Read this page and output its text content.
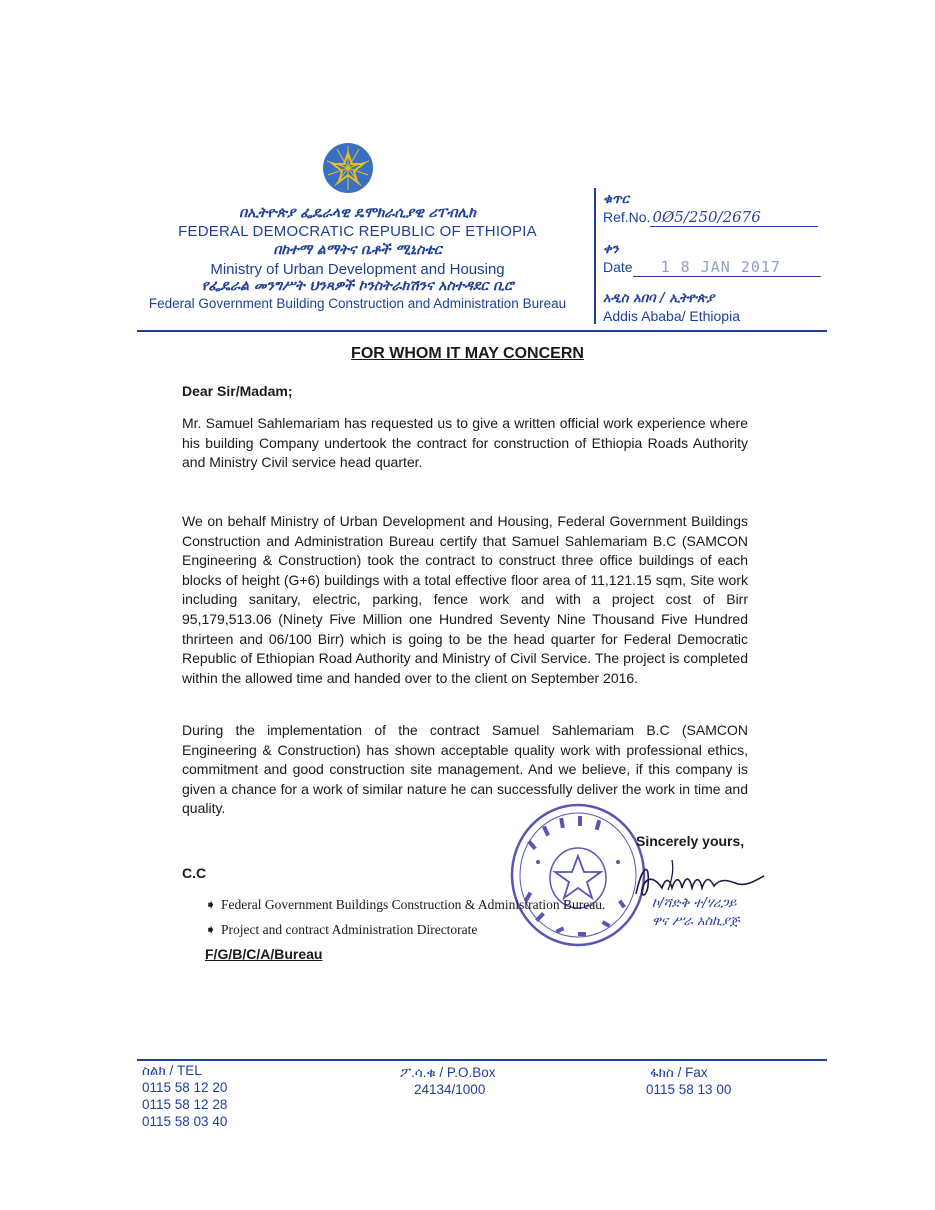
በኢትዮጵያ ፌዴራላዊ ዴሞክራሲያዊ ሪፐብሊክ
FEDERAL DEMOCRATIC REPUBLIC OF ETHIOPIA
በከተማ ልማትና ቤቶች ሚኒስቴር
Ministry of Urban Development and Housing
የፌዴራል መንግሥት ህንጻዎች ኮንስትራክሽንና አስተዳደር ቢሮ
Federal Government Building Construction and Administration Bureau
ቁጥር
Ref.No. 0Ø5/250/2676
ቀን
Date 1 8 JAN 2017
አዲስ አበባ / ኢትዮጵያ
Addis Ababa/ Ethiopia
FOR WHOM IT MAY CONCERN
Dear Sir/Madam;
Mr. Samuel Sahlemariam has requested us to give a written official work experience where his building Company undertook the contract for construction of Ethiopia Roads Authority and Ministry Civil service head quarter.
We on behalf Ministry of Urban Development and Housing, Federal Government Buildings Construction and Administration Bureau certify that Samuel Sahlemariam B.C (SAMCON Engineering & Construction) took the contract to construct three office buildings of each blocks of height (G+6) buildings with a total effective floor area of 11,121.15 sqm, Site work including sanitary, electric, parking, fence work and with a project cost of Birr 95,179,513.06 (Ninety Five Million one Hundred Seventy Nine Thousand Five Hundred thrirteen and 06/100 Birr) which is going to be the head quarter for Federal Democratic Republic of Ethiopian Road Authority and Ministry of Civil Service. The project is completed within the allowed time and handed over to the client on September 2016.
During the implementation of the contract Samuel Sahlemariam B.C (SAMCON Engineering & Construction) has shown acceptable quality work with professional ethics, commitment and good construction site management. And we believe, if this company is given a chance for a work of similar nature he can successfully deliver the work in time and quality.
Sincerely yours,
ኮ/ሻድቅ ተ/ሃሪጋይ
ዋና ሥራ አስኪያጅ
C.C
➧ Federal Government Buildings Construction & Administration Bureau.
➧ Project and contract Administration Directorate
F/G/B/C/A/Bureau
ስልክ / TEL
0115 58 12 20
0115 58 12 28
0115 58 03 40
ፖ.ሳ.ቁ / P.O.Box
24134/1000
ፋክስ / Fax
0115 58 13 00
